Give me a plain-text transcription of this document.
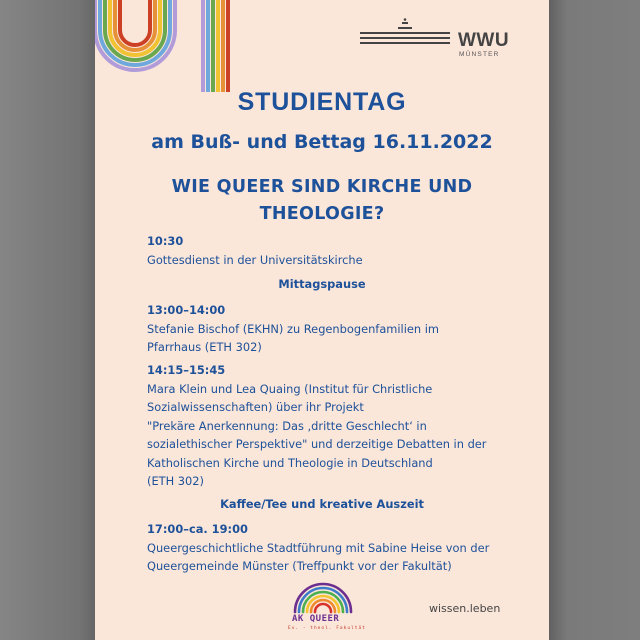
WWU
MÜNSTER
STUDIENTAG
am Buß- und Bettag 16.11.2022
WIE QUEER SIND KIRCHE UND
THEOLOGIE?
10:30
Gottesdienst in der Universitätskirche
Mittagspause
13:00–14:00
Stefanie Bischof (EKHN) zu Regenbogenfamilien im
Pfarrhaus (ETH 302)
14:15–15:45
Mara Klein und Lea Quaing (Institut für Christliche
Sozialwissenschaften) über ihr Projekt
"Prekäre Anerkennung: Das ‚dritte Geschlecht‘ in
sozialethischer Perspektive" und derzeitige Debatten in der
Katholischen Kirche und Theologie in Deutschland
(ETH 302)
Kaffee/Tee und kreative Auszeit
17:00–ca. 19:00
Queergeschichtliche Stadtführung mit Sabine Heise von der
Queergemeinde Münster (Treffpunkt vor der Fakultät)
AK QUEER
Ev. - theol. Fakultät
wissen.leben
